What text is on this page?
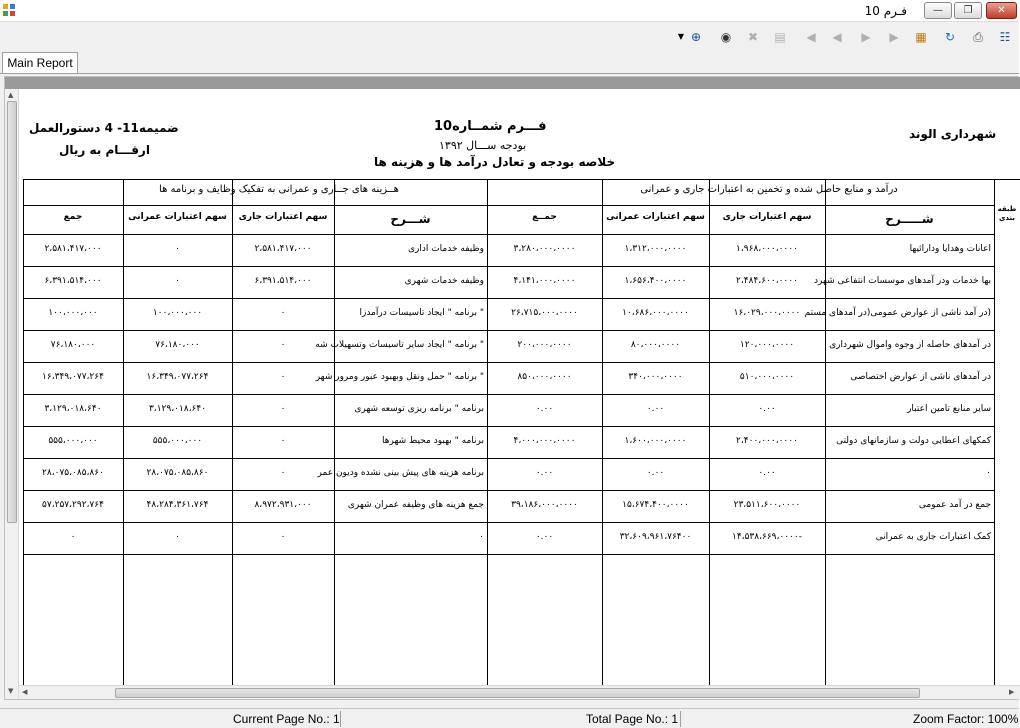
فـرم 10	—	❐	✕
▼ ⊕ ◉ ✖ ▤ ◀ ◀ ▶ ▶ ▦ ↻ ⎙ ☷
Main Report
▲
▼
فـــرم شمــاره10
بودجه ســـال ۱۳۹۲
خلاصه بودجه و تعادل درآمد ها و هزینه ها
شهرداری الوند
ضمیمه11- 4 دستورالعمل
ارقـــام به ریال
هــزینه های جــاری و عمرانی به تفکیک وظایف و برنامه ها	درآمد و منابع حاصل شده و تخمین به اعتبارات جاری و عمرانی
جمع	سهم اعتبارات عمرانی	سهم اعتبارات جاری	شـــرح	جمــع	سهم اعتبارات عمرانی	سهم اعتبارات جاری	شـــــرح
طبقه بندی
۲،۵۸۱،۴۱۷،۰۰۰	۰	۲،۵۸۱،۴۱۷،۰۰۰	وظیفه خدمات اداری	۳،۲۸۰،۰۰۰،۰۰۰۰	۱،۳۱۲،۰۰۰،۰۰۰۰	۱،۹۶۸،۰۰۰،۰۰۰۰	اعانات وهدایا ودارائیها
۶،۳۹۱،۵۱۴،۰۰۰	۰	۶،۳۹۱،۵۱۴،۰۰۰	وظیفه خدمات شهری	۴،۱۴۱،۰۰۰،۰۰۰۰	۱،۶۵۶،۴۰۰،۰۰۰۰	۲،۴۸۴،۶۰۰،۰۰۰۰	بها خدمات ودر آمدهای موسسات انتفاعی شهرد
۱۰۰،۰۰۰،۰۰۰	۱۰۰،۰۰۰،۰۰۰	۰	" برنامه " ایجاد تاسیسات درآمدزا	۲۶،۷۱۵،۰۰۰،۰۰۰۰	۱۰،۶۸۶،۰۰۰،۰۰۰۰	۱۶،۰۲۹،۰۰۰،۰۰۰۰ (در آمد ناشی از عوارض عمومی(در آمدهای مستم
۷۶،۱۸۰،۰۰۰	۷۶،۱۸۰،۰۰۰	۰	" برنامه " ایجاد سایر تاسیسات وتسهیلات شه	۲۰۰،۰۰۰،۰۰۰۰	۸۰،۰۰۰،۰۰۰۰	۱۲۰،۰۰۰،۰۰۰۰	در آمدهای حاصله از وجوه واموال شهرداری
۱۶،۳۴۹،۰۷۷،۲۶۴	۱۶،۳۴۹،۰۷۷،۲۶۴	۰	" برنامه " حمل ونقل وبهبود عبور ومرور شهر	۸۵۰،۰۰۰،۰۰۰۰	۳۴۰،۰۰۰،۰۰۰۰	۵۱۰،۰۰۰،۰۰۰۰	در آمدهای ناشی از عوارض اختصاصی
۳،۱۲۹،۰۱۸،۶۴۰	۳،۱۲۹،۰۱۸،۶۴۰	۰	برنامه " برنامه ریزی توسعه شهری	۰.۰۰	۰.۰۰	۰.۰۰	سایر منابع تامین اعتبار
۵۵۵،۰۰۰،۰۰۰	۵۵۵،۰۰۰،۰۰۰	۰	برنامه " بهبود محیط شهرها	۴،۰۰۰،۰۰۰،۰۰۰۰	۱،۶۰۰،۰۰۰،۰۰۰۰	۲،۴۰۰،۰۰۰،۰۰۰۰	کمکهای اعطایی دولت و سازمانهای دولتی
۲۸،۰۷۵،۰۸۵،۸۶۰	۲۸،۰۷۵،۰۸۵،۸۶۰	۰	برنامه هزینه های پیش بینی نشده ودیون عمر	۰.۰۰	۰.۰۰	۰.۰۰	۰
۵۷،۲۵۷،۲۹۲،۷۶۴	۴۸،۲۸۴،۳۶۱،۷۶۴	۸،۹۷۲،۹۳۱،۰۰۰	جمع هزینه های وظیفه عمران شهری	۳۹،۱۸۶،۰۰۰،۰۰۰۰	۱۵،۶۷۴،۴۰۰،۰۰۰۰	۲۳،۵۱۱،۶۰۰،۰۰۰۰	جمع در آمد عمومی
۰	۰	۰	۰	۰.۰۰	۳۲،۶۰۹،۹۶۱،۷۶۴۰۰	۱۴،۵۳۸،۶۶۹،۰۰۰۰-	کمک اعتبارات جاری به عمرانی
◀	▶
Current Page No.: 1	Total Page No.: 1	Zoom Factor: 100%
